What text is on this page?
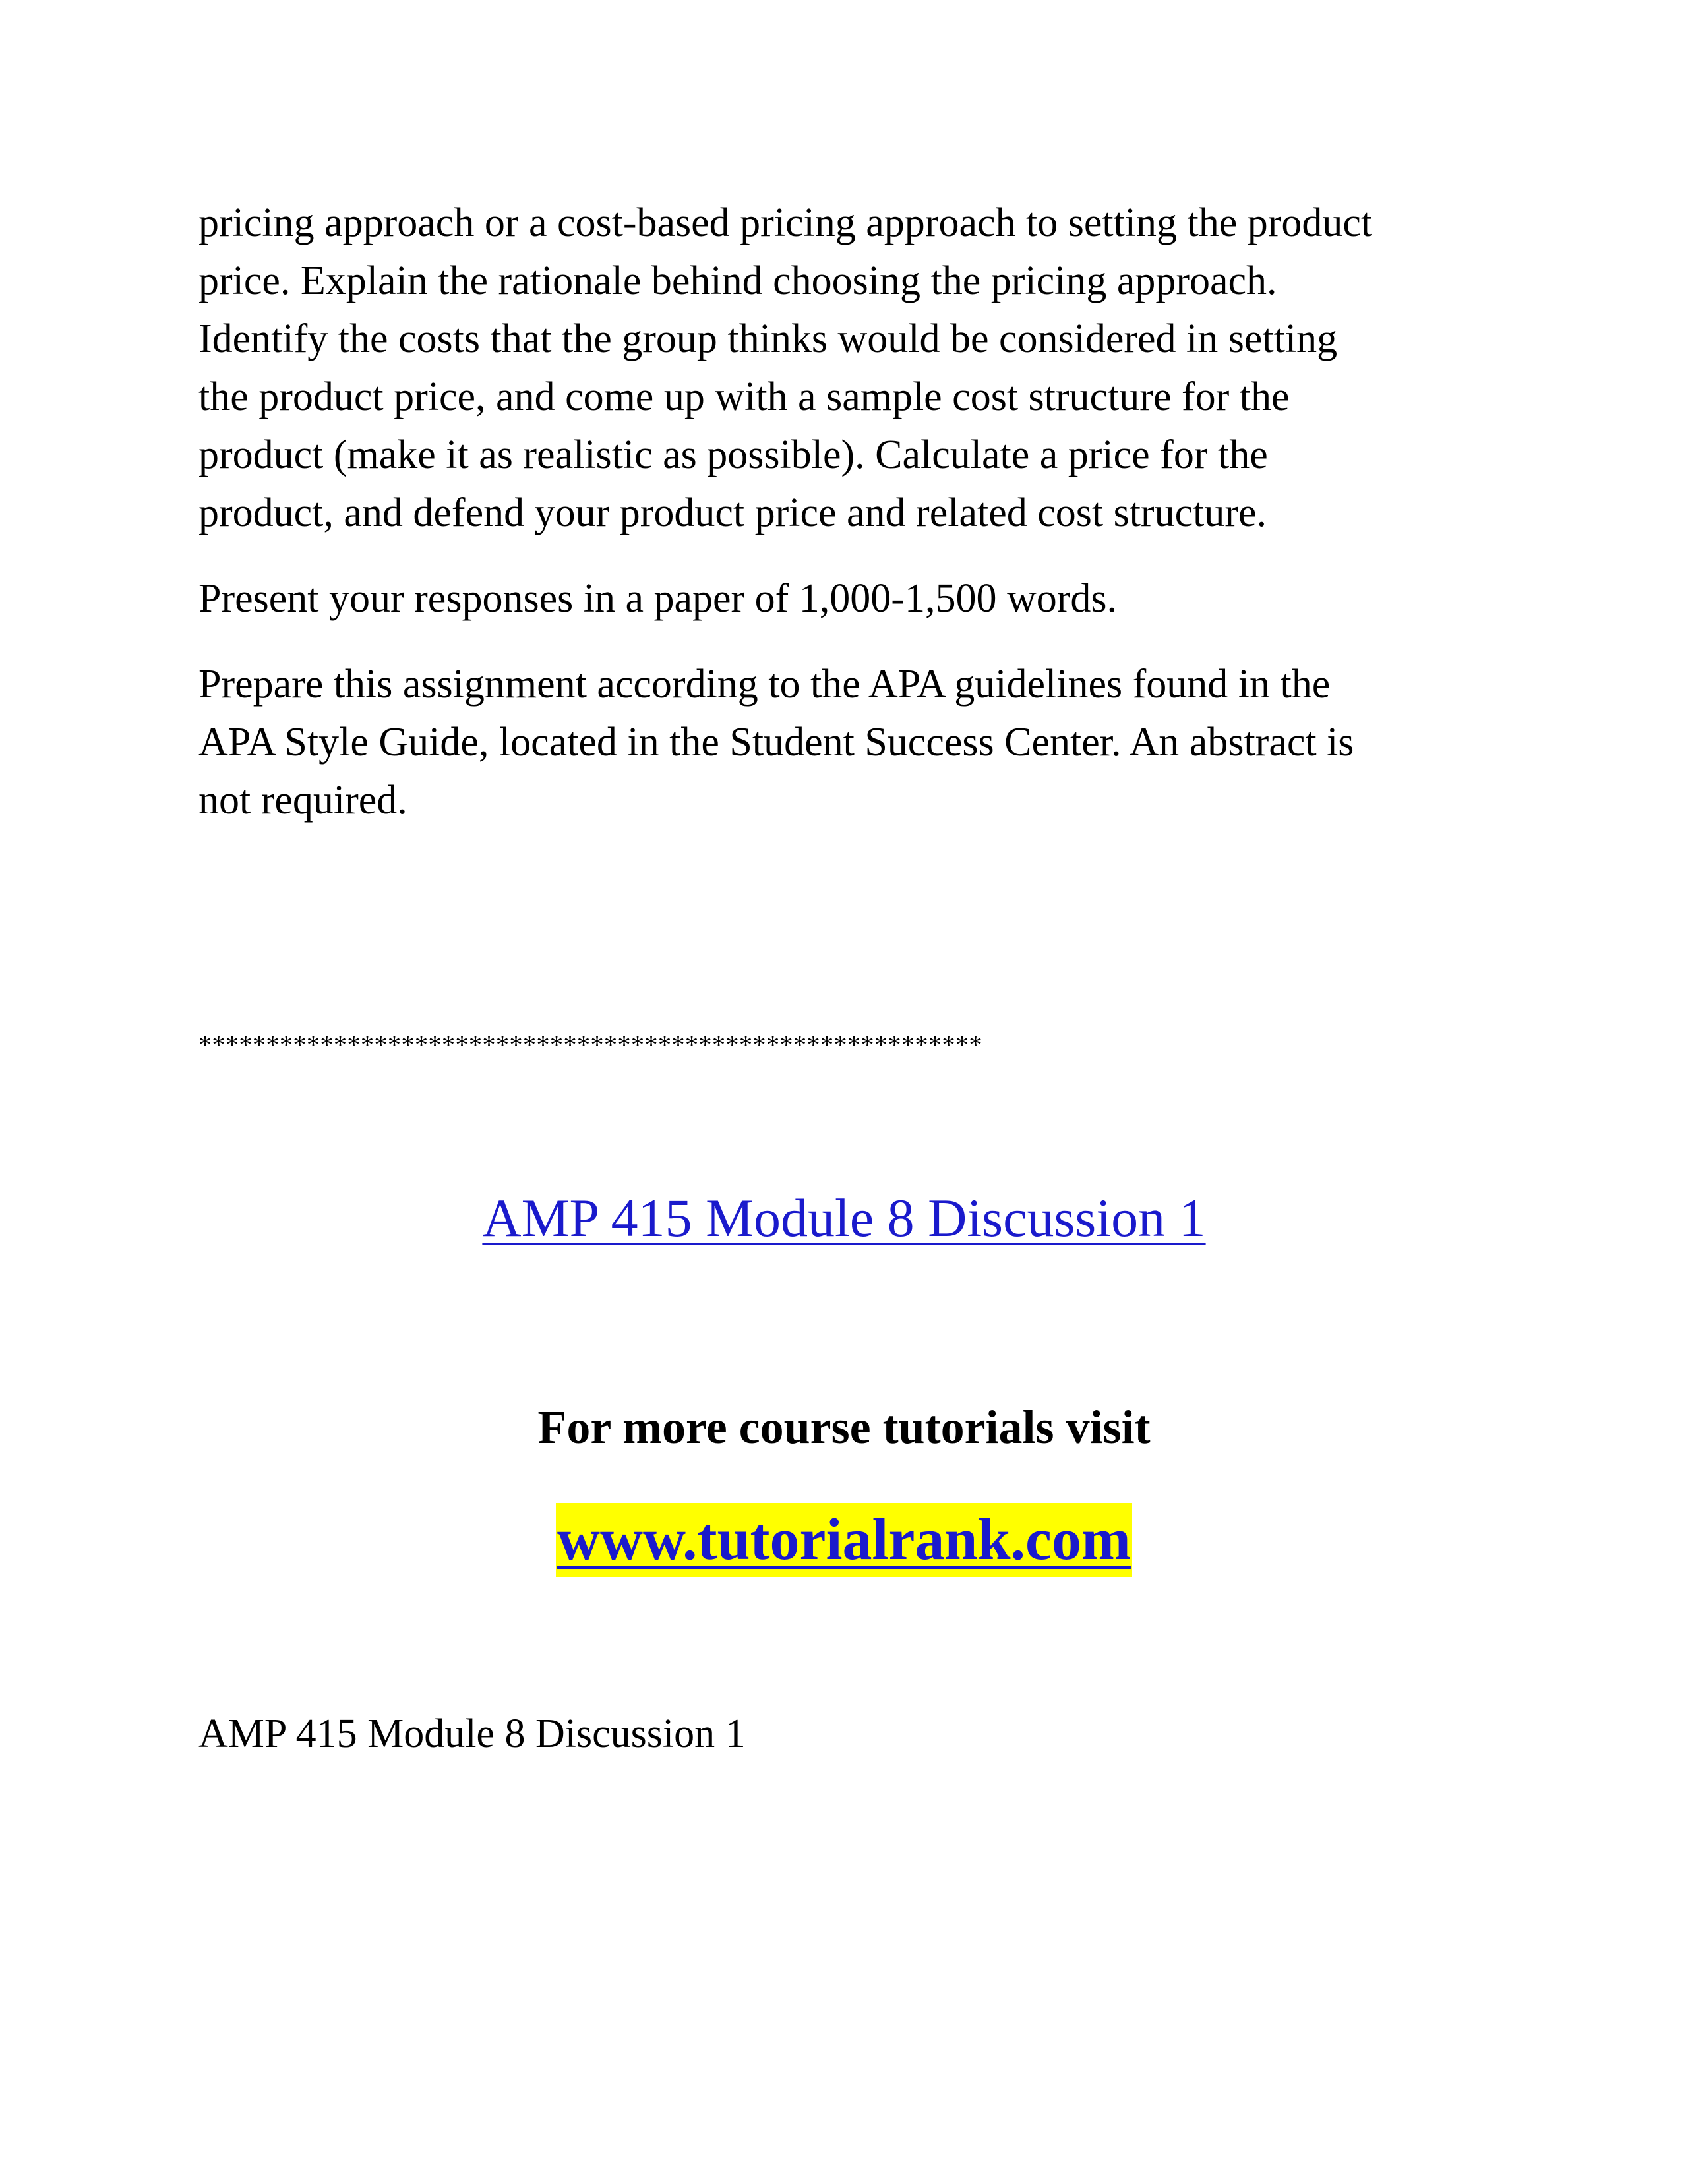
pricing approach or a cost-based pricing approach to setting the product
price. Explain the rationale behind choosing the pricing approach.
Identify the costs that the group thinks would be considered in setting
the product price, and come up with a sample cost structure for the
product (make it as realistic as possible). Calculate a price for the
product, and defend your product price and related cost structure.
Present your responses in a paper of 1,000-1,500 words.
Prepare this assignment according to the APA guidelines found in the
APA Style Guide, located in the Student Success Center. An abstract is
not required.
**********************************************************
AMP 415 Module 8 Discussion 1
For more course tutorials visit
www.tutorialrank.com
AMP 415 Module 8 Discussion 1
